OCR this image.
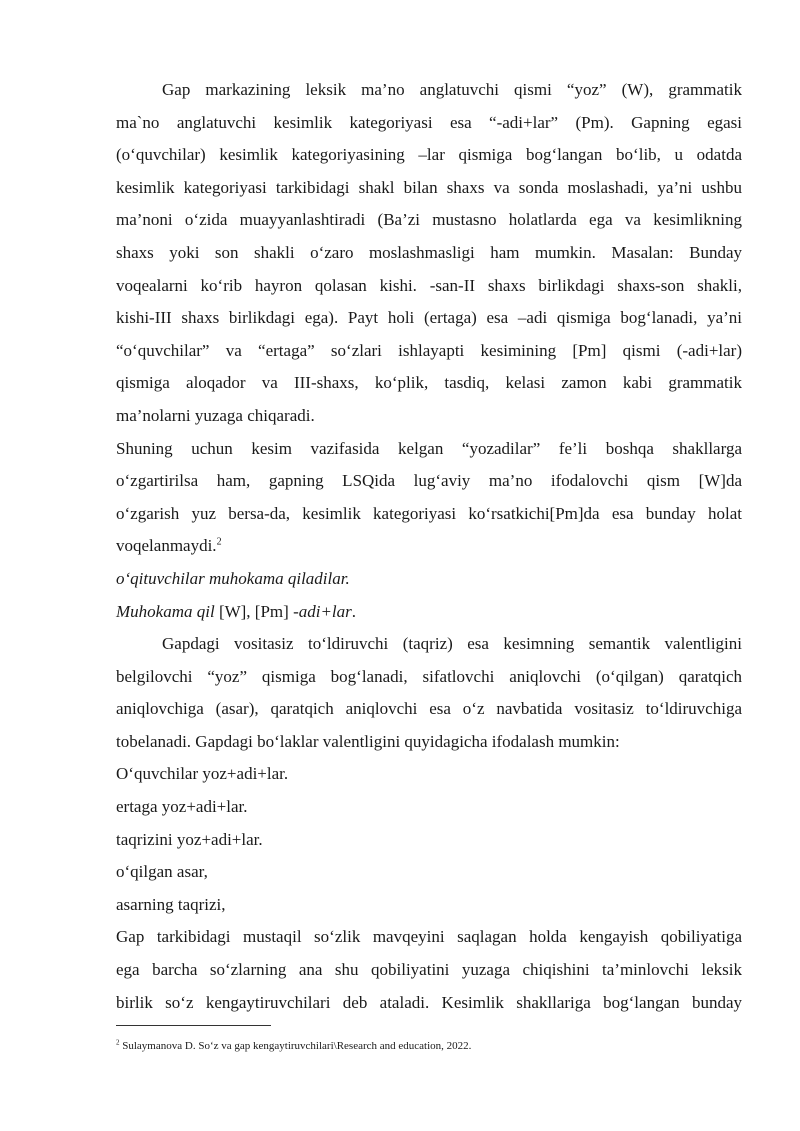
Gap markazining leksik ma’no anglatuvchi qismi “yoz” (W), grammatik
ma`no anglatuvchi kesimlik kategoriyasi esa “-adi+lar” (Pm). Gapning egasi
(o‘quvchilar) kesimlik kategoriyasining –lar qismiga bog‘langan bo‘lib, u odatda
kesimlik kategoriyasi tarkibidagi shakl bilan shaxs va sonda moslashadi, ya’ni ushbu
ma’noni o‘zida muayyanlashtiradi (Ba’zi mustasno holatlarda ega va kesimlikning
shaxs yoki son shakli o‘zaro moslashmasligi ham mumkin. Masalan: Bunday
voqealarni ko‘rib hayron qolasan kishi. -san-II shaxs birlikdagi shaxs-son shakli,
kishi-III shaxs birlikdagi ega). Payt holi (ertaga) esa –adi qismiga bog‘lanadi, ya’ni
“o‘quvchilar” va “ertaga” so‘zlari ishlayapti kesimining [Pm] qismi (-adi+lar)
qismiga aloqador va III-shaxs, ko‘plik, tasdiq, kelasi zamon kabi grammatik
ma’nolarni yuzaga chiqaradi.
Shuning uchun kesim vazifasida kelgan “yozadilar” fe’li boshqa shakllarga
o‘zgartirilsa ham, gapning LSQida lug‘aviy ma’no ifodalovchi qism [W]da
o‘zgarish yuz bersa-da, kesimlik kategoriyasi ko‘rsatkichi[Pm]da esa bunday holat
voqelanmaydi.$^2$
o‘qituvchilar muhokama qiladilar.
Muhokama qil [W], [Pm] -adi+lar.
Gapdagi vositasiz to‘ldiruvchi (taqriz) esa kesimning semantik valentligini
belgilovchi “yoz” qismiga bog‘lanadi, sifatlovchi aniqlovchi (o‘qilgan) qaratqich
aniqlovchiga (asar), qaratqich aniqlovchi esa o‘z navbatida vositasiz to‘ldiruvchiga
tobelanadi. Gapdagi bo‘laklar valentligini quyidagicha ifodalash mumkin:
O‘quvchilar yoz+adi+lar.
ertaga yoz+adi+lar.
taqrizini yoz+adi+lar.
o‘qilgan asar,
asarning taqrizi,
Gap tarkibidagi mustaqil so‘zlik mavqeyini saqlagan holda kengayish qobiliyatiga
ega barcha so‘zlarning ana shu qobiliyatini yuzaga chiqishini ta’minlovchi leksik
birlik so‘z kengaytiruvchilari deb ataladi. Kesimlik shakllariga bog‘langan bunday
$^2$ Sulaymanova D. So‘z va gap kengaytiruvchilari\Research and education, 2022.
